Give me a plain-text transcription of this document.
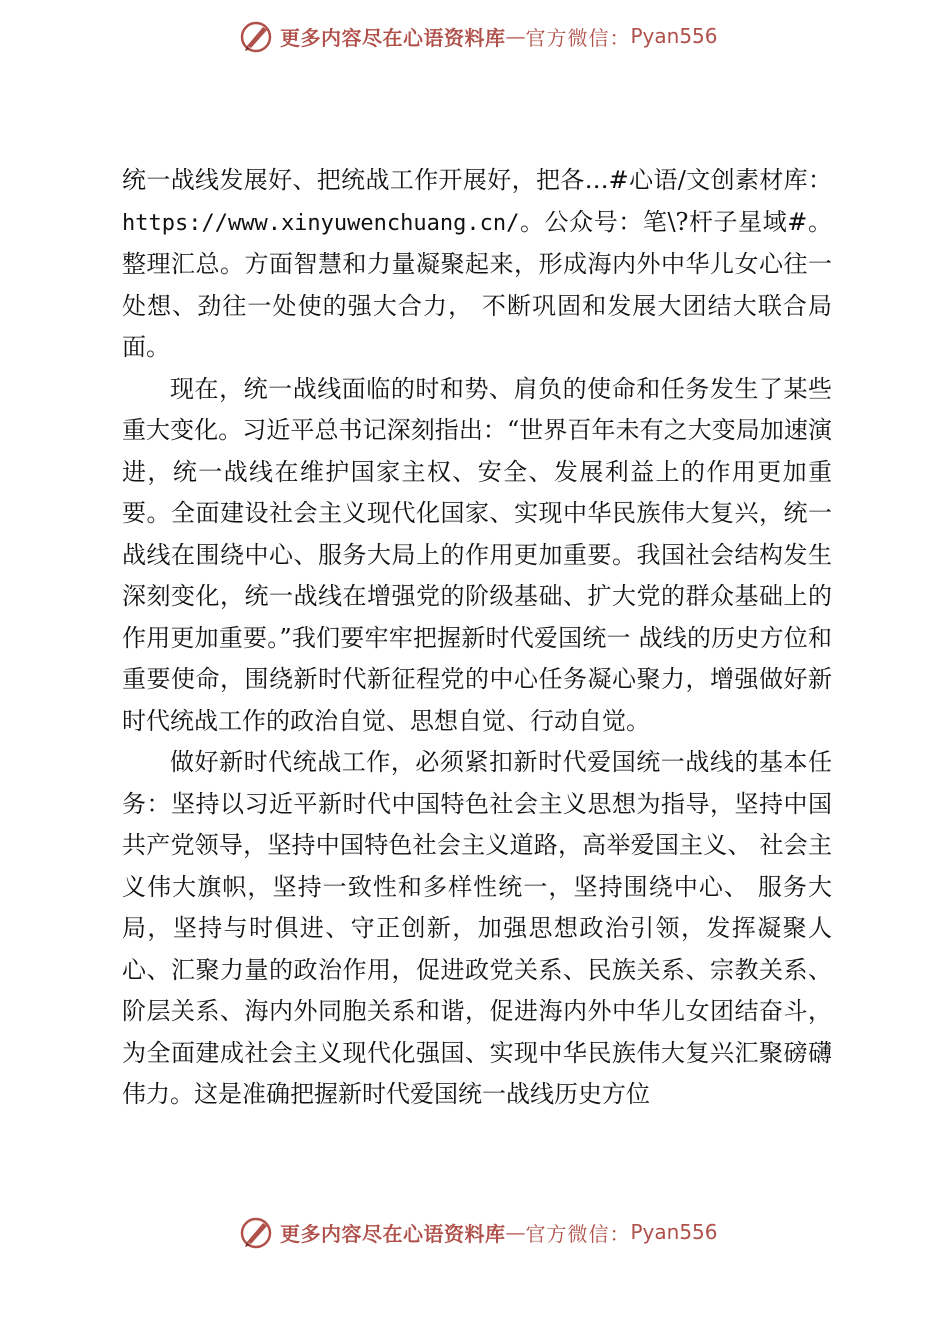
更多内容尽在心语资料库 — 官方微信： Pyan556

统一战线发展好、把统战工作开展好，把各…#心语/文创素材库：https://www.xinyuwenchuang.cn/。公众号：笔\?杆子星域#。整理汇总。方面智慧和力量凝聚起来，形成海内外中华儿女心往一处想、劲往一处使的强大合力， 不断巩固和发展大团结大联合局面。

现在，统一战线面临的时和势、肩负的使命和任务发生了某些重大变化。习近平总书记深刻指出：“世界百年未有之大变局加速演进，统一战线在维护国家主权、安全、发展利益上的作用更加重要。全面建设社会主义现代化国家、实现中华民族伟大复兴，统一战线在围绕中心、服务大局上的作用更加重要。我国社会结构发生深刻变化，统一战线在增强党的阶级基础、扩大党的群众基础上的作用更加重要。”我们要牢牢把握新时代爱国统一 战线的历史方位和重要使命，围绕新时代新征程党的中心任务凝心聚力，增强做好新时代统战工作的政治自觉、思想自觉、行动自觉。

做好新时代统战工作，必须紧扣新时代爱国统一战线的基本任务：坚持以习近平新时代中国特色社会主义思想为指导，坚持中国共产党领导，坚持中国特色社会主义道路，高举爱国主义、 社会主义伟大旗帜，坚持一致性和多样性统一，坚持围绕中心、 服务大局，坚持与时俱进、守正创新，加强思想政治引领，发挥凝聚人心、汇聚力量的政治作用，促进政党关系、民族关系、宗教关系、阶层关系、海内外同胞关系和谐，促进海内外中华儿女团结奋斗，为全面建成社会主义现代化强国、实现中华民族伟大复兴汇聚磅礴伟力。这是准确把握新时代爱国统一战线历史方位

更多内容尽在心语资料库 — 官方微信： Pyan556
